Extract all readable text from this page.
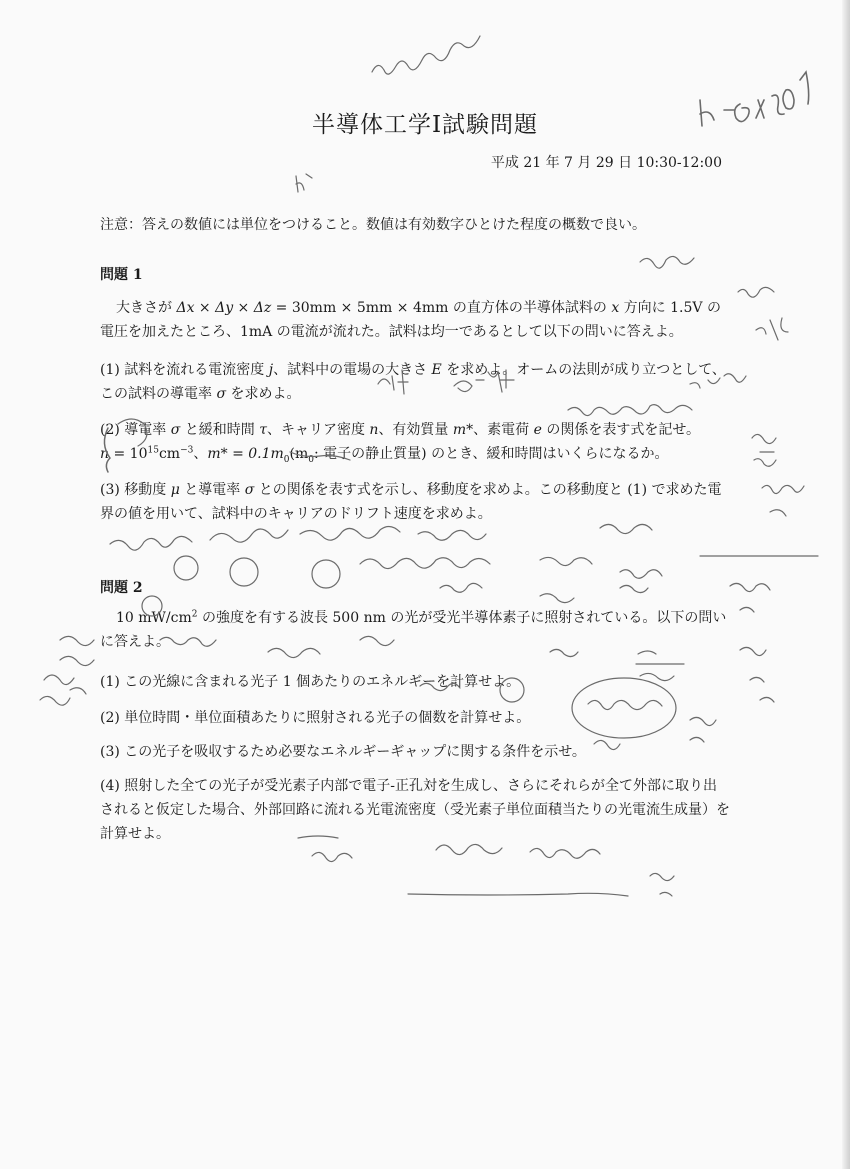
半導体工学Ⅰ試験問題
平成 21 年 7 月 29 日 10:30-12:00
注意：答えの数値には単位をつけること。数値は有効数字ひとけた程度の概数で良い。
問題 1

大きさが Δx × Δy × Δz = 30mm × 5mm × 4mm の直方体の半導体試料の x 方向に 1.5V の電圧を加えたところ、1mA の電流が流れた。試料は均一であるとして以下の問いに答えよ。

(1) 試料を流れる電流密度 j、試料中の電場の大きさ E を求めよ。オームの法則が成り立つとして、この試料の導電率 σ を求めよ。

(2) 導電率 σ と緩和時間 τ、キャリア密度 n、有効質量 m*、素電荷 e の関係を表す式を記せ。
$n = 10^{15}cm^{-3}$、$m* = 0.1m_0(m_0$: 電子の静止質量) のとき、緩和時間はいくらになるか。

(3) 移動度 μ と導電率 σ との関係を表す式を示し、移動度を求めよ。この移動度と (1) で求めた電界の値を用いて、試料中のキャリアのドリフト速度を求めよ。

問題 2

10 $mW/cm^2$ の強度を有する波長 500 nm の光が受光半導体素子に照射されている。以下の問いに答えよ。

(1) この光線に含まれる光子 1 個あたりのエネルギーを計算せよ。

(2) 単位時間・単位面積あたりに照射される光子の個数を計算せよ。

(3) この光子を吸収するため必要なエネルギーギャップに関する条件を示せ。

(4) 照射した全ての光子が受光素子内部で電子-正孔対を生成し、さらにそれらが全て外部に取り出されると仮定した場合、外部回路に流れる光電流密度（受光素子単位面積当たりの光電流生成量）を計算せよ。
